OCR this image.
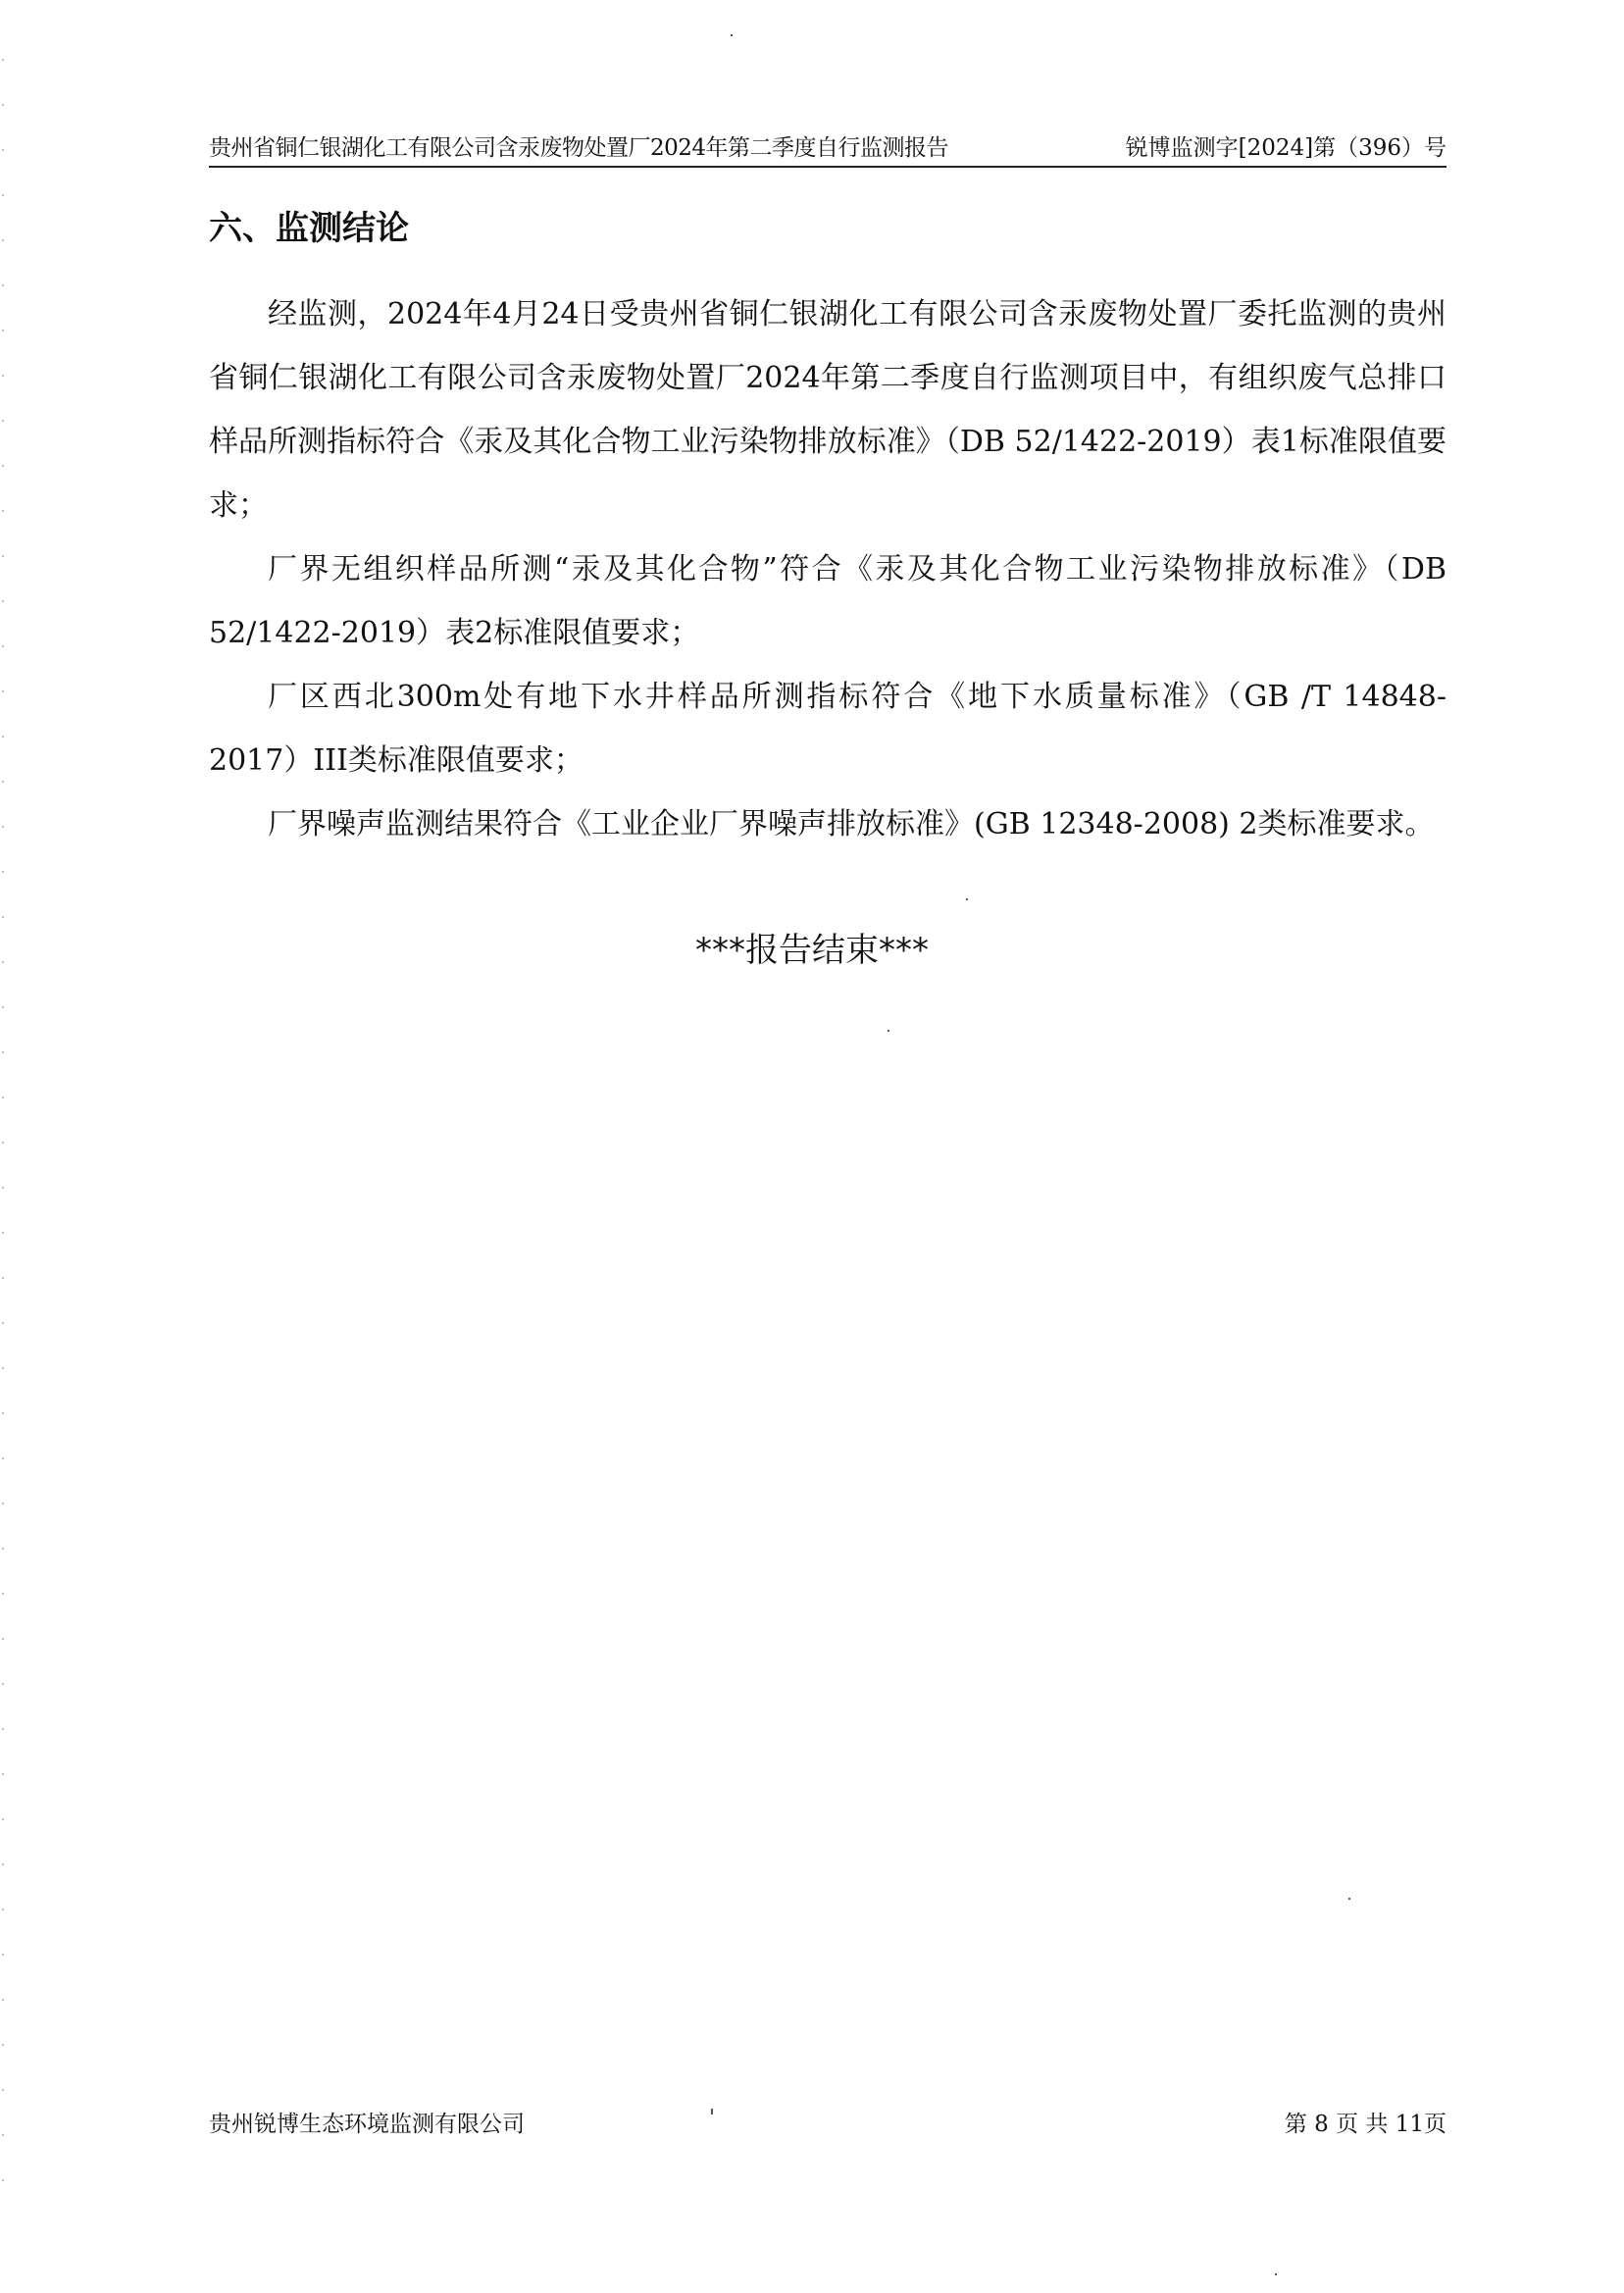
贵州省铜仁银湖化工有限公司含汞废物处置厂2024年第二季度自行监测报告	锐博监测字[2024]第（396）号
六、监测结论

经监测，2024年4月24日受贵州省铜仁银湖化工有限公司含汞废物处置厂委托监测的贵州省铜仁银湖化工有限公司含汞废物处置厂2024年第二季度自行监测项目中，有组织废气总排口样品所测指标符合《汞及其化合物工业污染物排放标准》（DB 52/1422-2019）表1标准限值要求；

厂界无组织样品所测“汞及其化合物”符合《汞及其化合物工业污染物排放标准》（DB 52/1422-2019）表2标准限值要求；

厂区西北300m处有地下水井样品所测指标符合《地下水质量标准》（GB /T 14848-2017）III类标准限值要求；

厂界噪声监测结果符合《工业企业厂界噪声排放标准》(GB 12348-2008) 2类标准要求。

***报告结束***
贵州锐博生态环境监测有限公司	第 8 页 共 11页
